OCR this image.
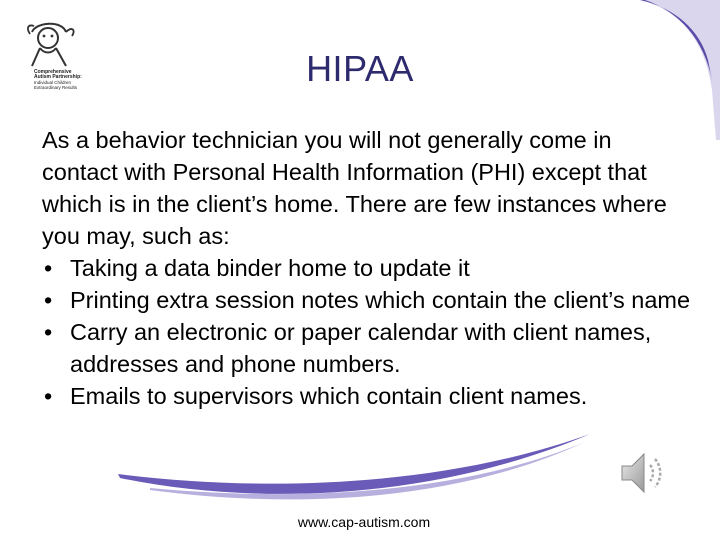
Comprehensive
Autism Partnership:
Individual Children
Extraordinary Results	HIPAA

As a behavior technician you will not generally come in contact with Personal Health Information (PHI) except that which is in the client’s home. There are few instances where you may, such as:

• Taking a data binder home to update it
• Printing extra session notes which contain the client’s name
• Carry an electronic or paper calendar with client names, addresses and phone numbers.
• Emails to supervisors which contain client names.
www.cap-autism.com
